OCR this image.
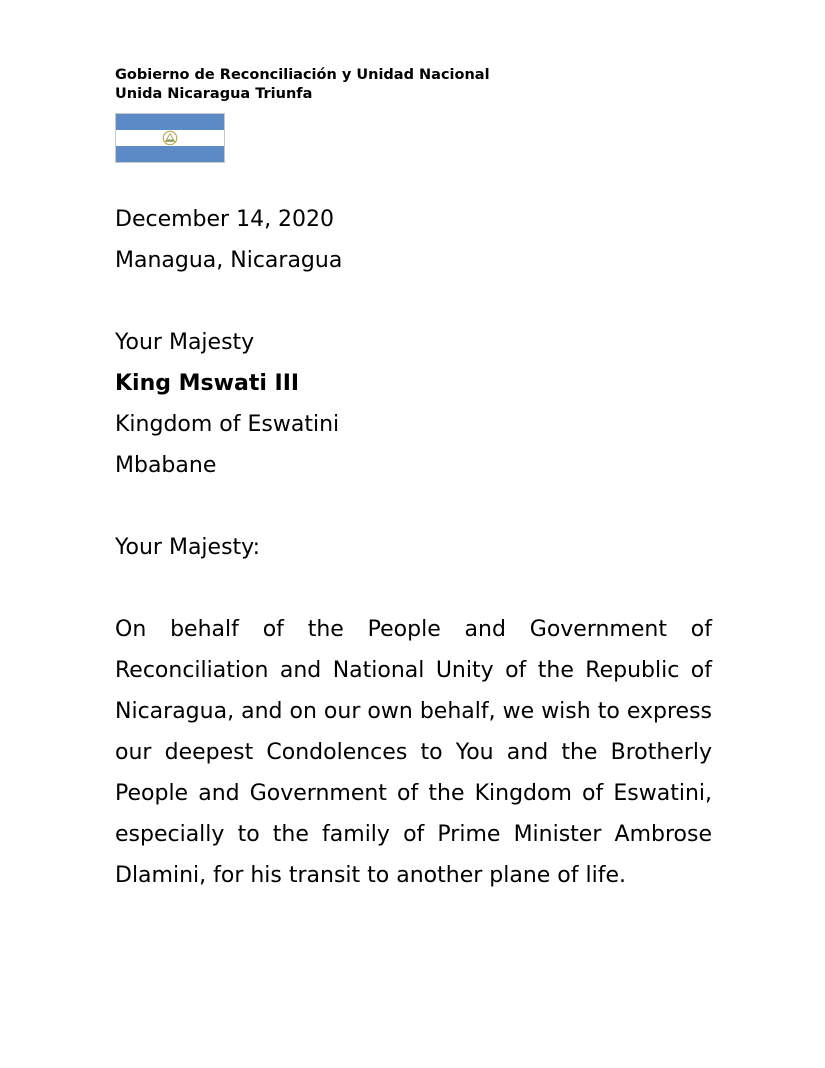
Gobierno de Reconciliación y Unidad Nacional

Unida Nicaragua Triunfa

December 14, 2020
Managua, Nicaragua
Your Majesty
King Mswati III
Kingdom of Eswatini
Mbabane

Your Majesty:

On behalf of the People and Government of Reconciliation and National Unity of the Republic of Nicaragua, and on our own behalf, we wish to express our deepest Condolences to You and the Brotherly People and Government of the Kingdom of Eswatini, especially to the family of Prime Minister Ambrose Dlamini, for his transit to another plane of life.
